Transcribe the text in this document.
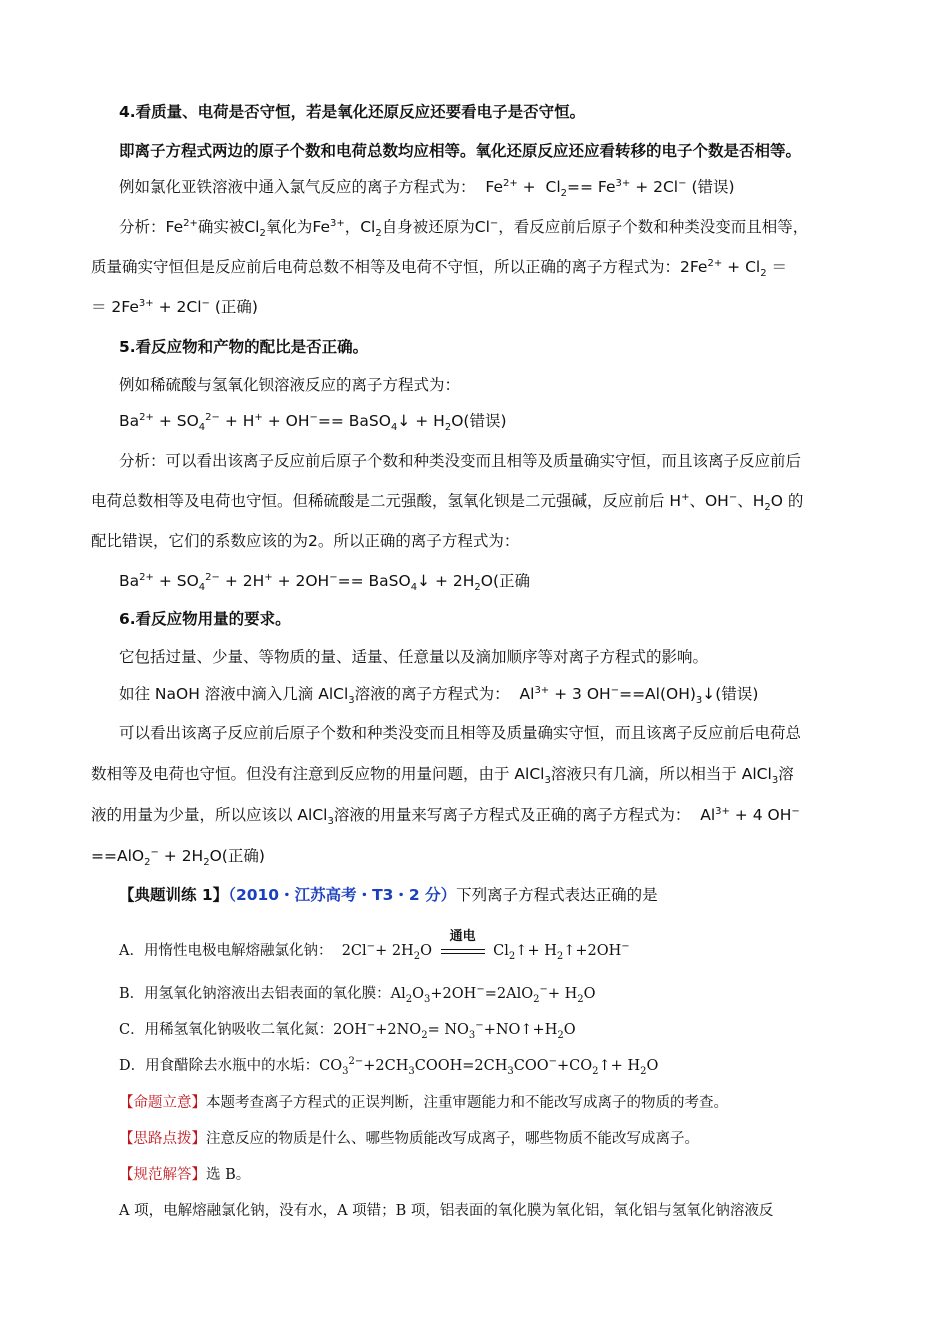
4.看质量、电荷是否守恒，若是氧化还原反应还要看电子是否守恒。
即离子方程式两边的原子个数和电荷总数均应相等。氧化还原反应还应看转移的电子个数是否相等。
例如氯化亚铁溶液中通入氯气反应的离子方程式为：  $Fe^{2+} + Cl_2== Fe^{3+} + 2Cl^-$ (错误)
分析：$Fe^{2+}$确实被$Cl_2$氧化为$Fe^{3+}$，$Cl_2$自身被还原为Cl−，看反应前后原子个数和种类没变而且相等，
质量确实守恒但是反应前后电荷总数不相等及电荷不守恒，所以正确的离子方程式为：$2Fe^{2+} + Cl_2$ ＝
＝ $2Fe^{3+} + 2Cl^-$ (正确)
5.看反应物和产物的配比是否正确。
例如稀硫酸与氢氧化钡溶液反应的离子方程式为：
$Ba^{2+} + SO_4^{2-} + H^+ + OH^-==$ BaSO$_4$↓ + $H_2O$(错误)
分析：可以看出该离子反应前后原子个数和种类没变而且相等及质量确实守恒，而且该离子反应前后
电荷总数相等及电荷也守恒。但稀硫酸是二元强酸，氢氧化钡是二元强碱，反应前后 H+、OH−、$H_2O$ 的
配比错误，它们的系数应该的为2。所以正确的离子方程式为：
$Ba^{2+} + SO_4^{2-} + 2H^+ + 2OH^-==$ BaSO$_4$↓ + $2H_2O$(正确
6.看反应物用量的要求。
它包括过量、少量、等物质的量、适量、任意量以及滴加顺序等对离子方程式的影响。
如往 NaOH 溶液中滴入几滴 AlCl$_3$溶液的离子方程式为：  $Al^{3+} + 3$ $OH^-==Al(OH)_3↓$(错误)
可以看出该离子反应前后原子个数和种类没变而且相等及质量确实守恒，而且该离子反应前后电荷总
数相等及电荷也守恒。但没有注意到反应物的用量问题，由于 AlCl$_3$溶液只有几滴，所以相当于 AlCl$_3$溶
液的用量为少量，所以应该以 AlCl$_3$溶液的用量来写离子方程式及正确的离子方程式为：  $Al^{3+} + 4$ OH−
$==AlO_2^- + 2H_2O$(正确)
【典题训练 1】（2010・江苏高考・T3・2 分）下列离子方程式表达正确的是
A．用惰性电极电解熔融氯化钠：  $2Cl^-+ 2H_2O$
通电
$Cl_2↑+$ $H_2↑+2OH^-$
B．用氢氧化钠溶液出去铝表面的氧化膜：$Al_2O_3+2OH^-=2AlO_2^-+ H_2O$
C．用稀氢氧化钠吸收二氧化氮：$2OH^-+2NO_2=$ $NO_3^-+NO↑+H_2O$
D．用食醋除去水瓶中的水垢：$CO_3^{2-}+2CH_3COOH=2CH_3COO^-+CO_2↑+ H_2O$
【命题立意】本题考查离子方程式的正误判断，注重审题能力和不能改写成离子的物质的考查。
【思路点拨】注意反应的物质是什么、哪些物质能改写成离子，哪些物质不能改写成离子。
【规范解答】选 B。
A 项，电解熔融氯化钠，没有水，A 项错；B 项，铝表面的氧化膜为氧化铝，氧化铝与氢氧化钠溶液反
